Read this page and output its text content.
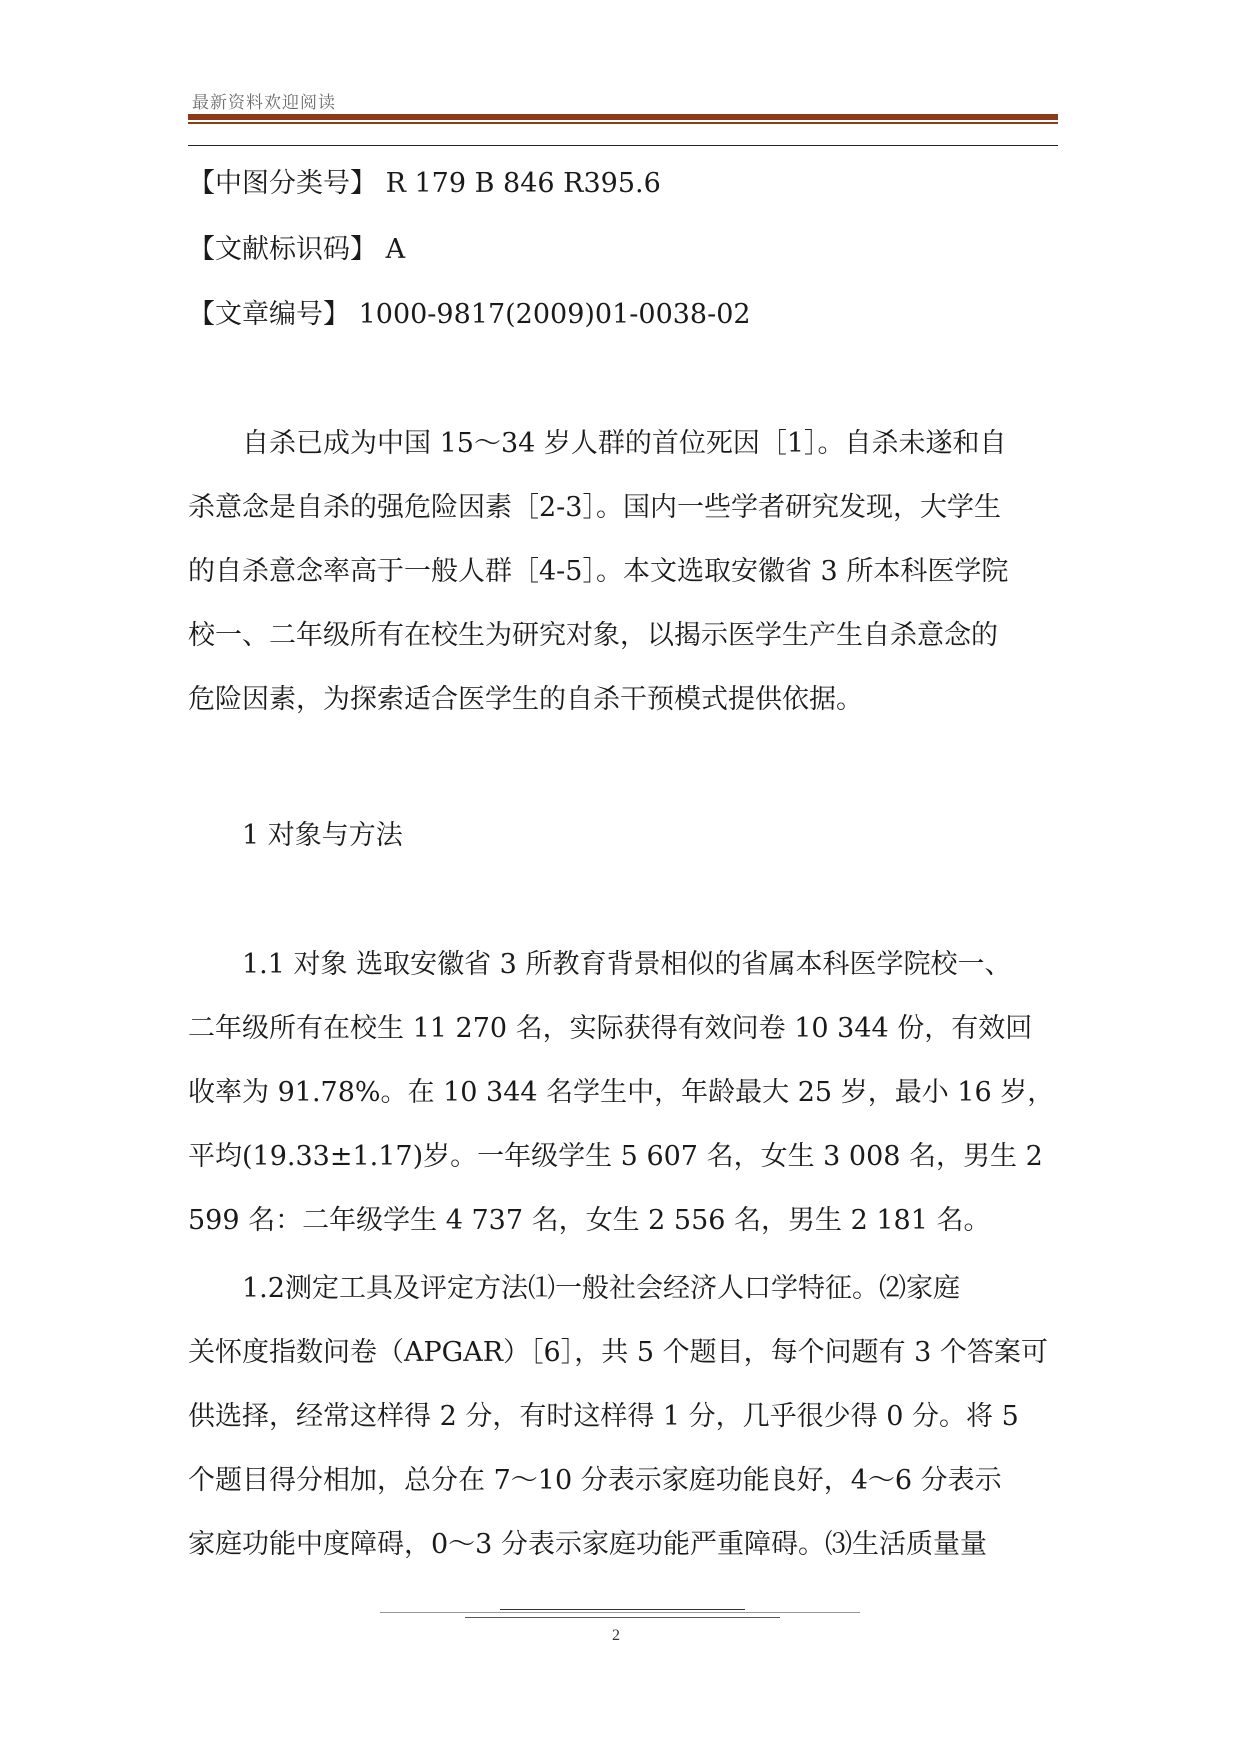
最新资料欢迎阅读
【中图分类号】 R 179 B 846 R395.6
【文献标识码】 A
【文章编号】 1000-9817(2009)01-0038-02
　　自杀已成为中国 15～34 岁人群的首位死因［1］。自杀未遂和自
杀意念是自杀的强危险因素［2-3］。国内一些学者研究发现，大学生
的自杀意念率高于一般人群［4-5］。本文选取安徽省 3 所本科医学院
校一、二年级所有在校生为研究对象，以揭示医学生产生自杀意念的
危险因素，为探索适合医学生的自杀干预模式提供依据。
　　1 对象与方法
　　1.1 对象 选取安徽省 3 所教育背景相似的省属本科医学院校一、
二年级所有在校生 11 270 名，实际获得有效问卷 10 344 份，有效回
收率为 91.78%。在 10 344 名学生中，年龄最大 25 岁，最小 16 岁，
平均(19.33±1.17)岁。一年级学生 5 607 名，女生 3 008 名，男生 2
599 名：二年级学生 4 737 名，女生 2 556 名，男生 2 181 名。
　　1.2测定工具及评定方法⑴一般社会经济人口学特征。⑵家庭
关怀度指数问卷（APGAR）［6］，共 5 个题目，每个问题有 3 个答案可
供选择，经常这样得 2 分，有时这样得 1 分，几乎很少得 0 分。将 5
个题目得分相加，总分在 7～10 分表示家庭功能良好，4～6 分表示
家庭功能中度障碍，0～3 分表示家庭功能严重障碍。⑶生活质量量
2
